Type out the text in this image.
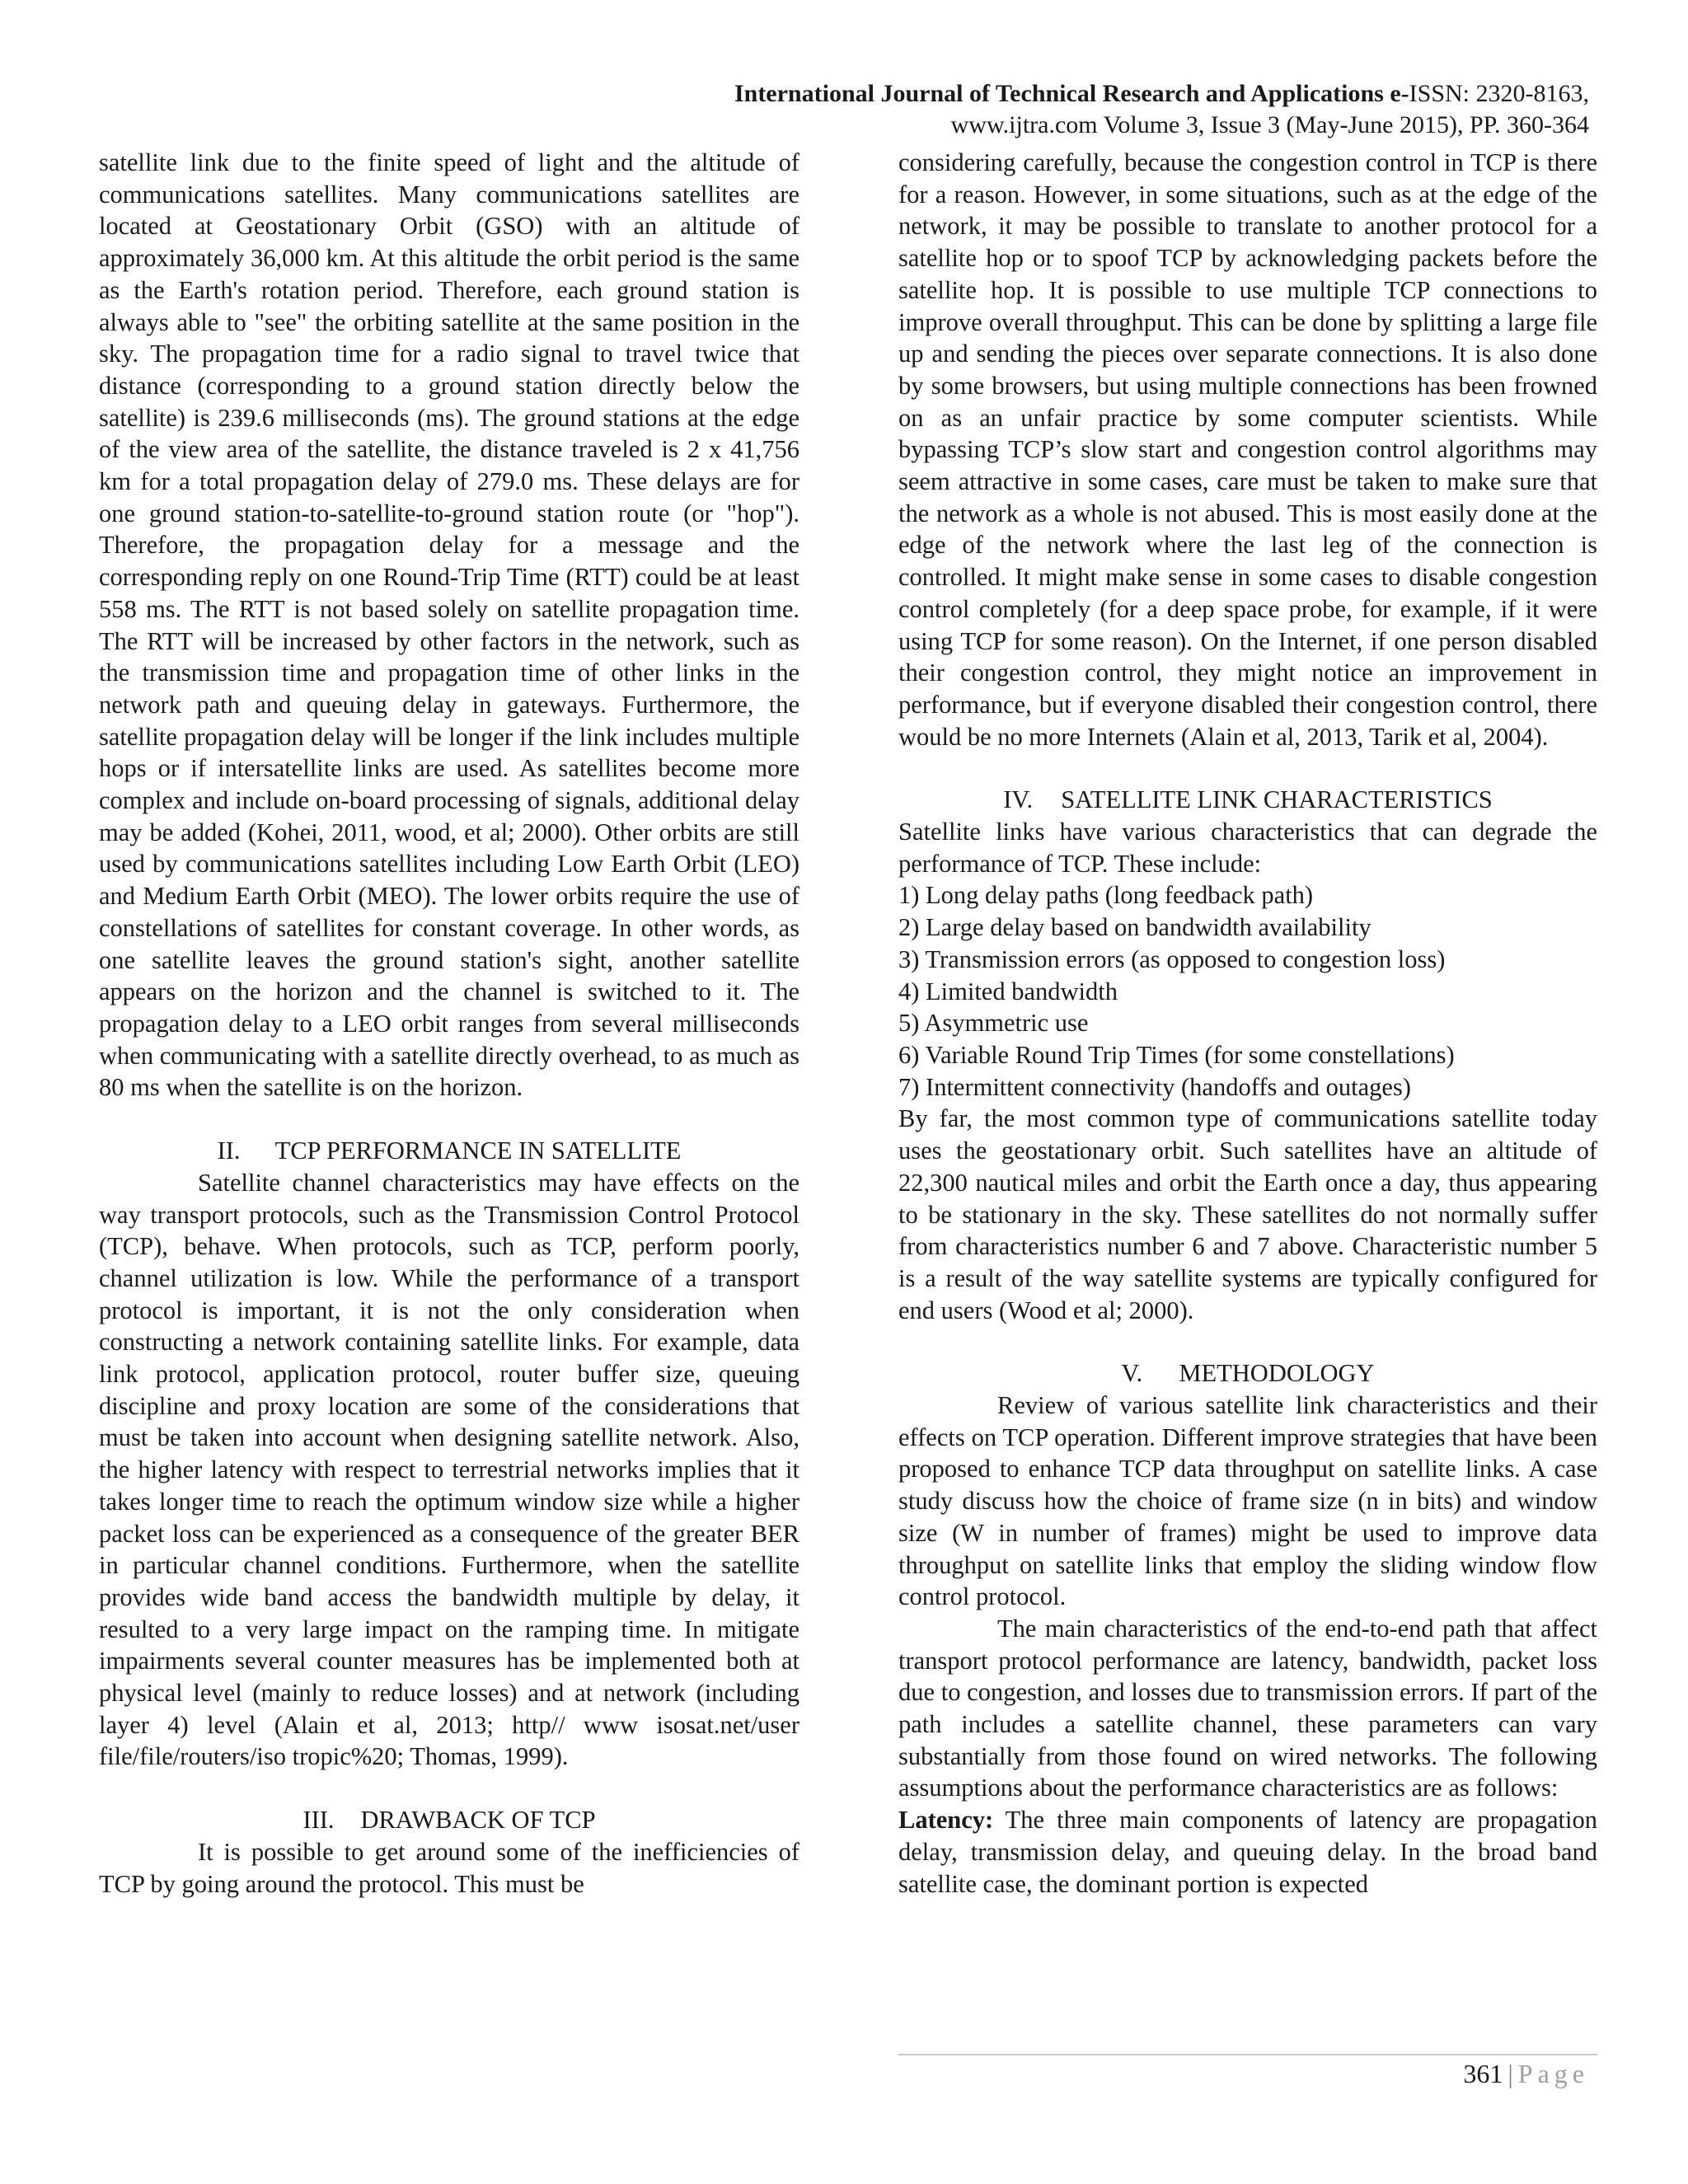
International Journal of Technical Research and Applications e-ISSN: 2320-8163,
www.ijtra.com Volume 3, Issue 3 (May-June 2015), PP. 360-364

satellite link due to the finite speed of light and the altitude of communications satellites. Many communications satellites are located at Geostationary Orbit (GSO) with an altitude of approximately 36,000 km. At this altitude the orbit period is the same as the Earth's rotation period. Therefore, each ground station is always able to "see" the orbiting satellite at the same position in the sky. The propagation time for a radio signal to travel twice that distance (corresponding to a ground station directly below the satellite) is 239.6 milliseconds (ms). The ground stations at the edge of the view area of the satellite, the distance traveled is 2 x 41,756 km for a total propagation delay of 279.0 ms. These delays are for one ground station-to-satellite-to-ground station route (or "hop"). Therefore, the propagation delay for a message and the corresponding reply on one Round-Trip Time (RTT) could be at least 558 ms. The RTT is not based solely on satellite propagation time. The RTT will be increased by other factors in the network, such as the transmission time and propagation time of other links in the network path and queuing delay in gateways. Furthermore, the satellite propagation delay will be longer if the link includes multiple hops or if intersatellite links are used. As satellites become more complex and include on-board processing of signals, additional delay may be added (Kohei, 2011, wood, et al; 2000). Other orbits are still used by communications satellites including Low Earth Orbit (LEO) and Medium Earth Orbit (MEO). The lower orbits require the use of constellations of satellites for constant coverage. In other words, as one satellite leaves the ground station's sight, another satellite appears on the horizon and the channel is switched to it. The propagation delay to a LEO orbit ranges from several milliseconds when communicating with a satellite directly overhead, to as much as 80 ms when the satellite is on the horizon.

II. TCP PERFORMANCE IN SATELLITE

Satellite channel characteristics may have effects on the way transport protocols, such as the Transmission Control Protocol (TCP), behave. When protocols, such as TCP, perform poorly, channel utilization is low. While the performance of a transport protocol is important, it is not the only consideration when constructing a network containing satellite links. For example, data link protocol, application protocol, router buffer size, queuing discipline and proxy location are some of the considerations that must be taken into account when designing satellite network. Also, the higher latency with respect to terrestrial networks implies that it takes longer time to reach the optimum window size while a higher packet loss can be experienced as a consequence of the greater BER in particular channel conditions. Furthermore, when the satellite provides wide band access the bandwidth multiple by delay, it resulted to a very large impact on the ramping time. In mitigate impairments several counter measures has be implemented both at physical level (mainly to reduce losses) and at network (including layer 4) level (Alain et al, 2013; http// www isosat.net/user file/file/routers/iso tropic%20; Thomas, 1999).

III. DRAWBACK OF TCP

It is possible to get around some of the inefficiencies of TCP by going around the protocol. This must be

considering carefully, because the congestion control in TCP is there for a reason. However, in some situations, such as at the edge of the network, it may be possible to translate to another protocol for a satellite hop or to spoof TCP by acknowledging packets before the satellite hop. It is possible to use multiple TCP connections to improve overall throughput. This can be done by splitting a large file up and sending the pieces over separate connections. It is also done by some browsers, but using multiple connections has been frowned on as an unfair practice by some computer scientists. While bypassing TCP’s slow start and congestion control algorithms may seem attractive in some cases, care must be taken to make sure that the network as a whole is not abused. This is most easily done at the edge of the network where the last leg of the connection is controlled. It might make sense in some cases to disable congestion control completely (for a deep space probe, for example, if it were using TCP for some reason). On the Internet, if one person disabled their congestion control, they might notice an improvement in performance, but if everyone disabled their congestion control, there would be no more Internets (Alain et al, 2013, Tarik et al, 2004).

IV. SATELLITE LINK CHARACTERISTICS

Satellite links have various characteristics that can degrade the performance of TCP. These include:

1) Long delay paths (long feedback path)
2) Large delay based on bandwidth availability
3) Transmission errors (as opposed to congestion loss)
4) Limited bandwidth
5) Asymmetric use
6) Variable Round Trip Times (for some constellations)
7) Intermittent connectivity (handoffs and outages)

By far, the most common type of communications satellite today uses the geostationary orbit. Such satellites have an altitude of 22,300 nautical miles and orbit the Earth once a day, thus appearing to be stationary in the sky. These satellites do not normally suffer from characteristics number 6 and 7 above. Characteristic number 5 is a result of the way satellite systems are typically configured for end users (Wood et al; 2000).

V. METHODOLOGY

Review of various satellite link characteristics and their effects on TCP operation. Different improve strategies that have been proposed to enhance TCP data throughput on satellite links. A case study discuss how the choice of frame size (n in bits) and window size (W in number of frames) might be used to improve data throughput on satellite links that employ the sliding window flow control protocol.

The main characteristics of the end-to-end path that affect transport protocol performance are latency, bandwidth, packet loss due to congestion, and losses due to transmission errors. If part of the path includes a satellite channel, these parameters can vary substantially from those found on wired networks. The following assumptions about the performance characteristics are as follows:

Latency: The three main components of latency are propagation delay, transmission delay, and queuing delay. In the broad band satellite case, the dominant portion is expected

361 | Page
